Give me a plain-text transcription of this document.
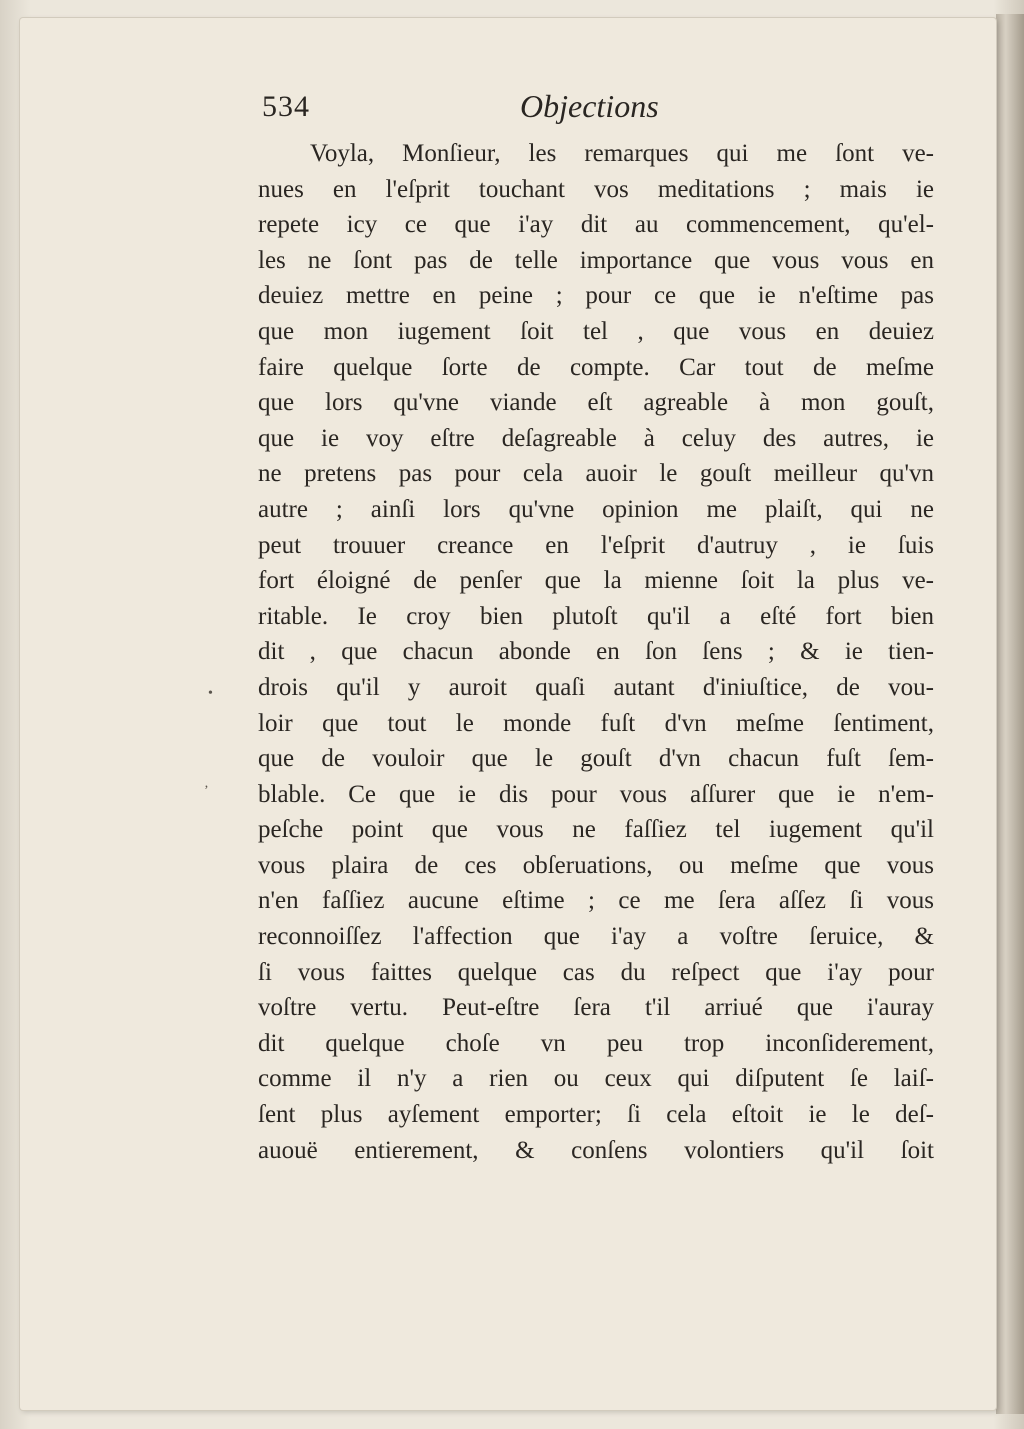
534	Objections
Voyla, Monſieur, les remarques qui me ſont ve-
nues en l'eſprit touchant vos meditations ; mais ie
repete icy ce que i'ay dit au commencement, qu'el-
les ne ſont pas de telle importance que vous vous en
deuiez mettre en peine ; pour ce que ie n'eſtime pas
que mon iugement ſoit tel , que vous en deuiez
faire quelque ſorte de compte. Car tout de meſme
que lors qu'vne viande eſt agreable à mon gouſt,
que ie voy eſtre deſagreable à celuy des autres, ie
ne pretens pas pour cela auoir le gouſt meilleur qu'vn
autre ; ainſi lors qu'vne opinion me plaiſt, qui ne
peut trouuer creance en l'eſprit d'autruy , ie ſuis
fort éloigné de penſer que la mienne ſoit la plus ve-
ritable. Ie croy bien plutoſt qu'il a eſté fort bien
dit , que chacun abonde en ſon ſens ; & ie tien-
drois qu'il y auroit quaſi autant d'iniuſtice, de vou-
loir que tout le monde fuſt d'vn meſme ſentiment,
que de vouloir que le gouſt d'vn chacun fuſt ſem-
blable. Ce que ie dis pour vous aſſurer que ie n'em-
peſche point que vous ne faſſiez tel iugement qu'il
vous plaira de ces obſeruations, ou meſme que vous
n'en faſſiez aucune eſtime ; ce me ſera aſſez ſi vous
reconnoiſſez l'affection que i'ay a voſtre ſeruice, &
ſi vous faittes quelque cas du reſpect que i'ay pour
voſtre vertu. Peut-eſtre ſera t'il arriué que i'auray
dit quelque choſe vn peu trop inconſiderement,
comme il n'y a rien ou ceux qui diſputent ſe laiſ-
ſent plus ayſement emporter; ſi cela eſtoit ie le deſ-
auouë entierement, & conſens volontiers qu'il ſoit
•
‚
